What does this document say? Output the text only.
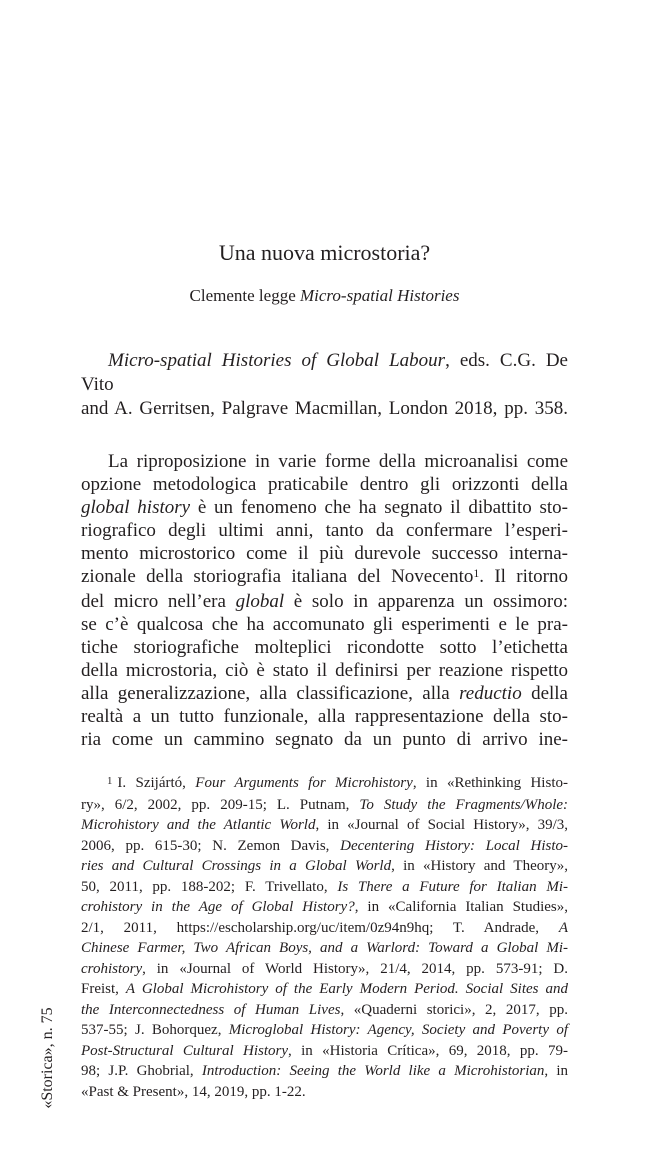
Una nuova microstoria?
Clemente legge Micro-spatial Histories
Micro-spatial Histories of Global Labour, eds. C.G. De Vito
and A. Gerritsen, Palgrave Macmillan, London 2018, pp. 358.
La riproposizione in varie forme della microanalisi come
opzione metodologica praticabile dentro gli orizzonti della
global history è un fenomeno che ha segnato il dibattito sto-
riografico degli ultimi anni, tanto da confermare l’esperi-
mento microstorico come il più durevole successo interna-
zionale della storiografia italiana del Novecento$^1$. Il ritorno
del micro nell’era global è solo in apparenza un ossimoro:
se c’è qualcosa che ha accomunato gli esperimenti e le pra-
tiche storiografiche molteplici ricondotte sotto l’etichetta
della microstoria, ciò è stato il definirsi per reazione rispetto
alla generalizzazione, alla classificazione, alla reductio della
realtà a un tutto funzionale, alla rappresentazione della sto-
ria come un cammino segnato da un punto di arrivo ine-
$^1$ I. Szijártó, Four Arguments for Microhistory, in «Rethinking Histo-
ry», 6/2, 2002, pp. 209-15; L. Putnam, To Study the Fragments/Whole:
Microhistory and the Atlantic World, in «Journal of Social History», 39/3,
2006, pp. 615-30; N. Zemon Davis, Decentering History: Local Histo-
ries and Cultural Crossings in a Global World, in «History and Theory»,
50, 2011, pp. 188-202; F. Trivellato, Is There a Future for Italian Mi-
crohistory in the Age of Global History?, in «California Italian Studies»,
2/1, 2011, https://escholarship.org/uc/item/0z94n9hq; T. Andrade, A
Chinese Farmer, Two African Boys, and a Warlord: Toward a Global Mi-
crohistory, in «Journal of World History», 21/4, 2014, pp. 573-91; D.
Freist, A Global Microhistory of the Early Modern Period. Social Sites and
the Interconnectedness of Human Lives, «Quaderni storici», 2, 2017, pp.
537-55; J. Bohorquez, Microglobal History: Agency, Society and Poverty of
Post-Structural Cultural History, in «Historia Crítica», 69, 2018, pp. 79-
98; J.P. Ghobrial, Introduction: Seeing the World like a Microhistorian, in
«Past & Present», 14, 2019, pp. 1-22.
«Storica», n. 75
